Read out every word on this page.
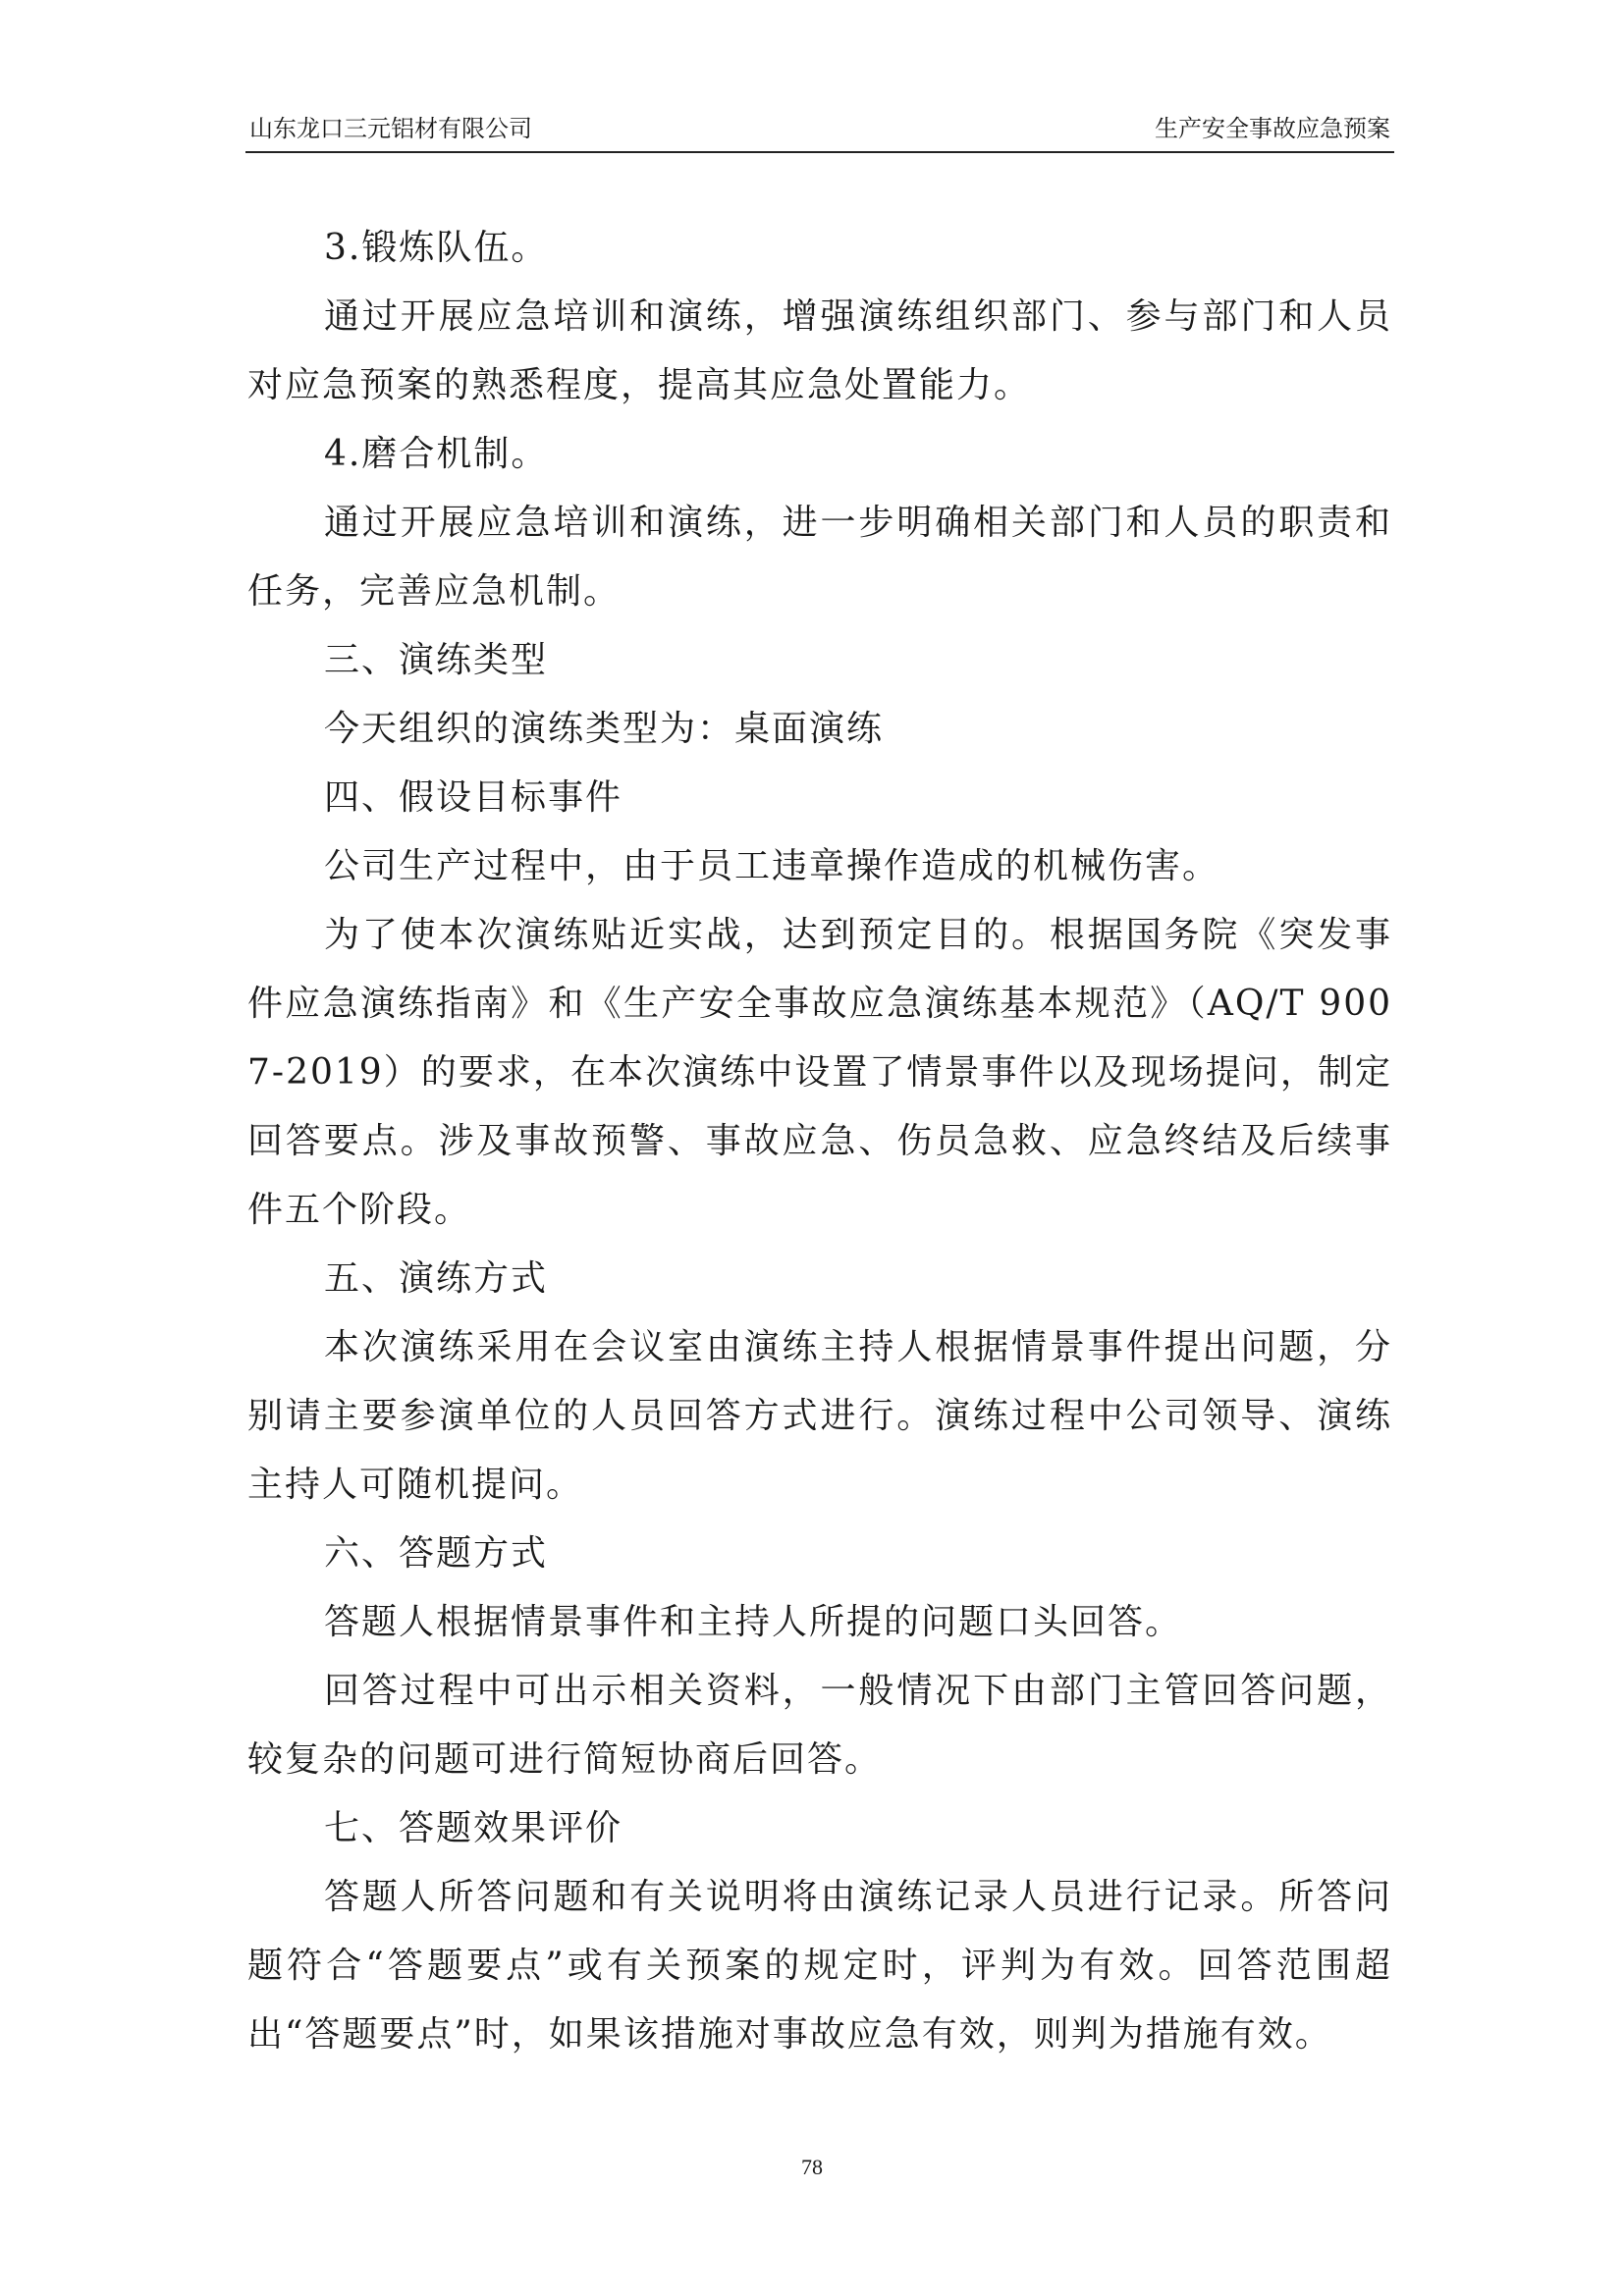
山东龙口三元铝材有限公司	生产安全事故应急预案

3.锻炼队伍。

通过开展应急培训和演练，增强演练组织部门、参与部门和人员对应急预案的熟悉程度，提高其应急处置能力。

4.磨合机制。

通过开展应急培训和演练，进一步明确相关部门和人员的职责和任务，完善应急机制。

三、演练类型

今天组织的演练类型为：桌面演练

四、假设目标事件

公司生产过程中，由于员工违章操作造成的机械伤害。

为了使本次演练贴近实战，达到预定目的。根据国务院《突发事件应急演练指南》和《生产安全事故应急演练基本规范》（AQ/T 9007-2019）的要求，在本次演练中设置了情景事件以及现场提问，制定回答要点。涉及事故预警、事故应急、伤员急救、应急终结及后续事件五个阶段。

五、演练方式

本次演练采用在会议室由演练主持人根据情景事件提出问题，分别请主要参演单位的人员回答方式进行。演练过程中公司领导、演练主持人可随机提问。

六、答题方式

答题人根据情景事件和主持人所提的问题口头回答。

回答过程中可出示相关资料，一般情况下由部门主管回答问题，较复杂的问题可进行简短协商后回答。

七、答题效果评价

答题人所答问题和有关说明将由演练记录人员进行记录。所答问题符合“答题要点”或有关预案的规定时，评判为有效。回答范围超出“答题要点”时，如果该措施对事故应急有效，则判为措施有效。

78
